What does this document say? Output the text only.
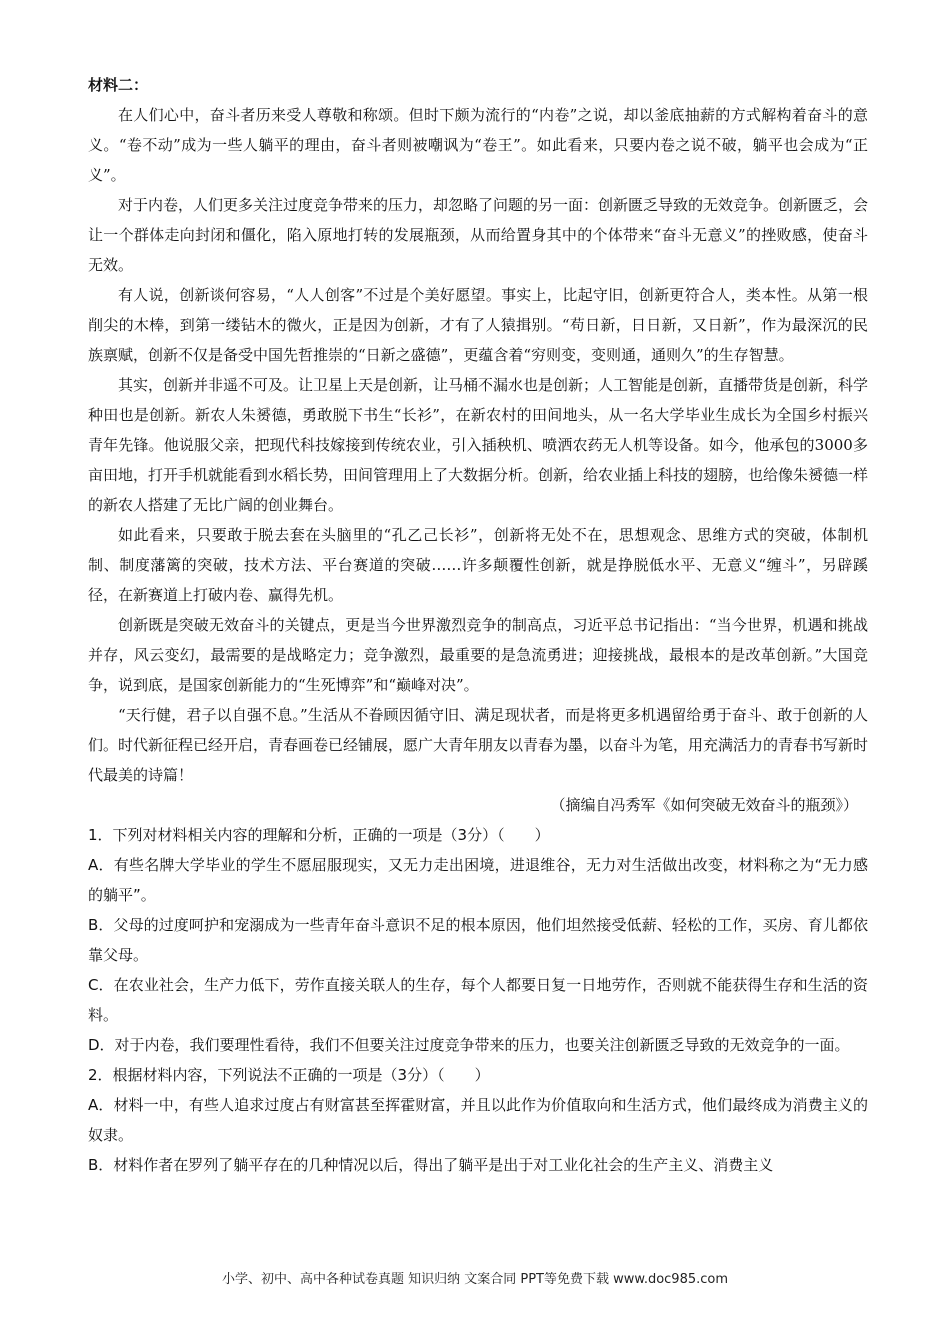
材料二：

在人们心中，奋斗者历来受人尊敬和称颂。但时下颇为流行的“内卷”之说，却以釜底抽薪的方式解构着奋斗的意义。“卷不动”成为一些人躺平的理由，奋斗者则被嘲讽为“卷王”。如此看来，只要内卷之说不破，躺平也会成为“正义”。

对于内卷，人们更多关注过度竞争带来的压力，却忽略了问题的另一面：创新匮乏导致的无效竞争。创新匮乏，会让一个群体走向封闭和僵化，陷入原地打转的发展瓶颈，从而给置身其中的个体带来“奋斗无意义”的挫败感，使奋斗无效。

有人说，创新谈何容易，“人人创客”不过是个美好愿望。事实上，比起守旧，创新更符合人，类本性。从第一根削尖的木棒，到第一缕钻木的微火，正是因为创新，才有了人猿揖别。“苟日新，日日新，又日新”，作为最深沉的民族禀赋，创新不仅是备受中国先哲推崇的“日新之盛德”，更蕴含着“穷则变，变则通，通则久”的生存智慧。

其实，创新并非遥不可及。让卫星上天是创新，让马桶不漏水也是创新；人工智能是创新，直播带货是创新，科学种田也是创新。新农人朱赟德，勇敢脱下书生“长衫”，在新农村的田间地头，从一名大学毕业生成长为全国乡村振兴青年先锋。他说服父亲，把现代科技嫁接到传统农业，引入插秧机、喷洒农药无人机等设备。如今，他承包的3000多亩田地，打开手机就能看到水稻长势，田间管理用上了大数据分析。创新，给农业插上科技的翅膀，也给像朱赟德一样的新农人搭建了无比广阔的创业舞台。

如此看来，只要敢于脱去套在头脑里的“孔乙己长衫”，创新将无处不在，思想观念、思维方式的突破，体制机制、制度藩篱的突破，技术方法、平台赛道的突破……许多颠覆性创新，就是挣脱低水平、无意义“缠斗”，另辟蹊径，在新赛道上打破内卷、赢得先机。

创新既是突破无效奋斗的关键点，更是当今世界激烈竞争的制高点，习近平总书记指出：“当今世界，机遇和挑战并存，风云变幻，最需要的是战略定力；竞争激烈，最重要的是急流勇进；迎接挑战，最根本的是改革创新。”大国竞争，说到底，是国家创新能力的“生死博弈”和“巅峰对决”。

“天行健，君子以自强不息。”生活从不眷顾因循守旧、满足现状者，而是将更多机遇留给勇于奋斗、敢于创新的人们。时代新征程已经开启，青春画卷已经铺展，愿广大青年朋友以青春为墨，以奋斗为笔，用充满活力的青春书写新时代最美的诗篇！

（摘编自冯秀军《如何突破无效奋斗的瓶颈》）

1．下列对材料相关内容的理解和分析，正确的一项是（3分）（　　）

A．有些名牌大学毕业的学生不愿屈服现实，又无力走出困境，进退维谷，无力对生活做出改变，材料称之为“无力感的躺平”。

B．父母的过度呵护和宠溺成为一些青年奋斗意识不足的根本原因，他们坦然接受低薪、轻松的工作，买房、育儿都依靠父母。

C．在农业社会，生产力低下，劳作直接关联人的生存，每个人都要日复一日地劳作，否则就不能获得生存和生活的资料。

D．对于内卷，我们要理性看待，我们不但要关注过度竞争带来的压力，也要关注创新匮乏导致的无效竞争的一面。

2．根据材料内容，下列说法不正确的一项是（3分）（　　）

A．材料一中，有些人追求过度占有财富甚至挥霍财富，并且以此作为价值取向和生活方式，他们最终成为消费主义的奴隶。

B．材料作者在罗列了躺平存在的几种情况以后，得出了躺平是出于对工业化社会的生产主义、消费主义

小学、初中、高中各种试卷真题 知识归纳 文案合同 PPT等免费下载 www.doc985.com
